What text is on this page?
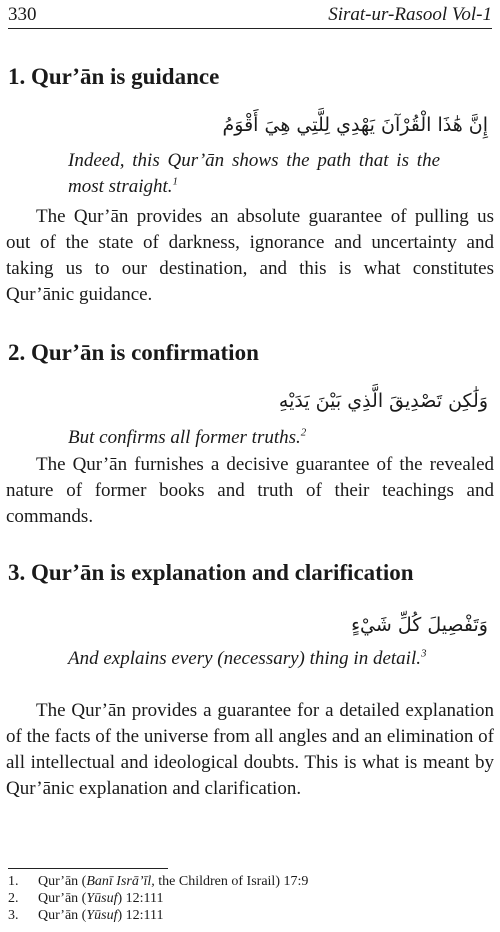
330	Sirat-ur-Rasool Vol-1
1. Qur’ān is guidance
إِنَّ هَٰذَا الْقُرْآنَ يَهْدِي لِلَّتِي هِيَ أَقْوَمُ
Indeed, this Qur’ān shows the path that is the most straight.$^1$
The Qur’ān provides an absolute guarantee of pulling us out of the state of darkness, ignorance and uncertainty and taking us to our destination, and this is what constitutes Qur’ānic guidance.
2. Qur’ān is confirmation
وَلَٰكِن تَصْدِيقَ الَّذِي بَيْنَ يَدَيْهِ
But confirms all former truths.$^2$
The Qur’ān furnishes a decisive guarantee of the revealed nature of former books and truth of their teachings and commands.
3. Qur’ān is explanation and clarification
وَتَفْصِيلَ كُلِّ شَيْءٍ
And explains every (necessary) thing in detail.$^3$
The Qur’ān provides a guarantee for a detailed explanation of the facts of the universe from all angles and an elimination of all intellectual and ideological doubts. This is what is meant by Qur’ānic explanation and clarification.
1.	Qur’ān (Banī Isrā’īl, the Children of Israil) 17:9
2.	Qur’ān (Yūsuf) 12:111
3.	Qur’ān (Yūsuf) 12:111
